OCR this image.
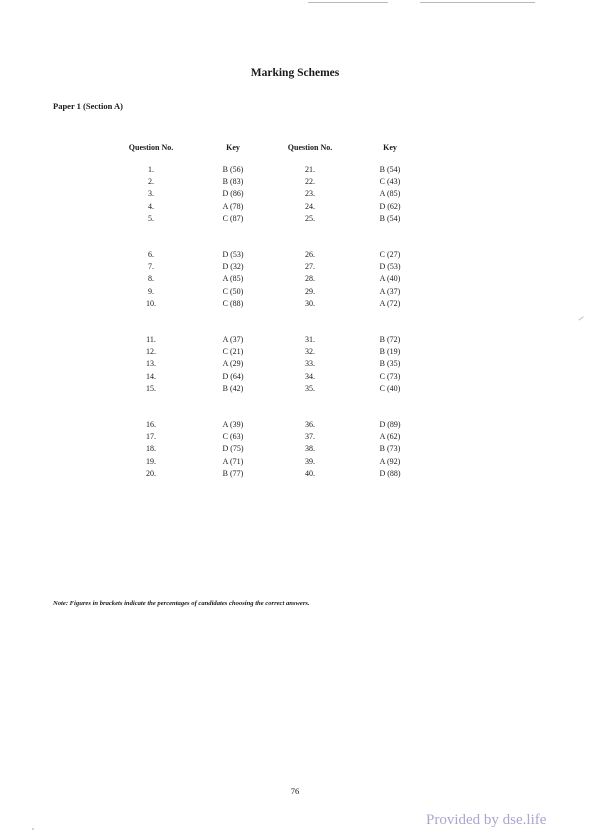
Marking Schemes
Paper 1 (Section A)
Question No.	Key	Question No.	Key
1.	B (56)	21.	B (54)
2.	B (83)	22.	C (43)
3.	D (86)	23.	A (85)
4.	A (78)	24.	D (62)
5.	C (87)	25.	B (54)
6.	D (53)	26.	C (27)
7.	D (32)	27.	D (53)
8.	A (85)	28.	A (40)
9.	C (50)	29.	A (37)
10.	C (88)	30.	A (72)
11.	A (37)	31.	B (72)
12.	C (21)	32.	B (19)
13.	A (29)	33.	B (35)
14.	D (64)	34.	C (73)
15.	B (42)	35.	C (40)
16.	A (39)	36.	D (89)
17.	C (63)	37.	A (62)
18.	D (75)	38.	B (73)
19.	A (71)	39.	A (92)
20.	B (77)	40.	D (88)
Note: Figures in brackets indicate the percentages of candidates choosing the correct answers.
76
Provided by dse.life
